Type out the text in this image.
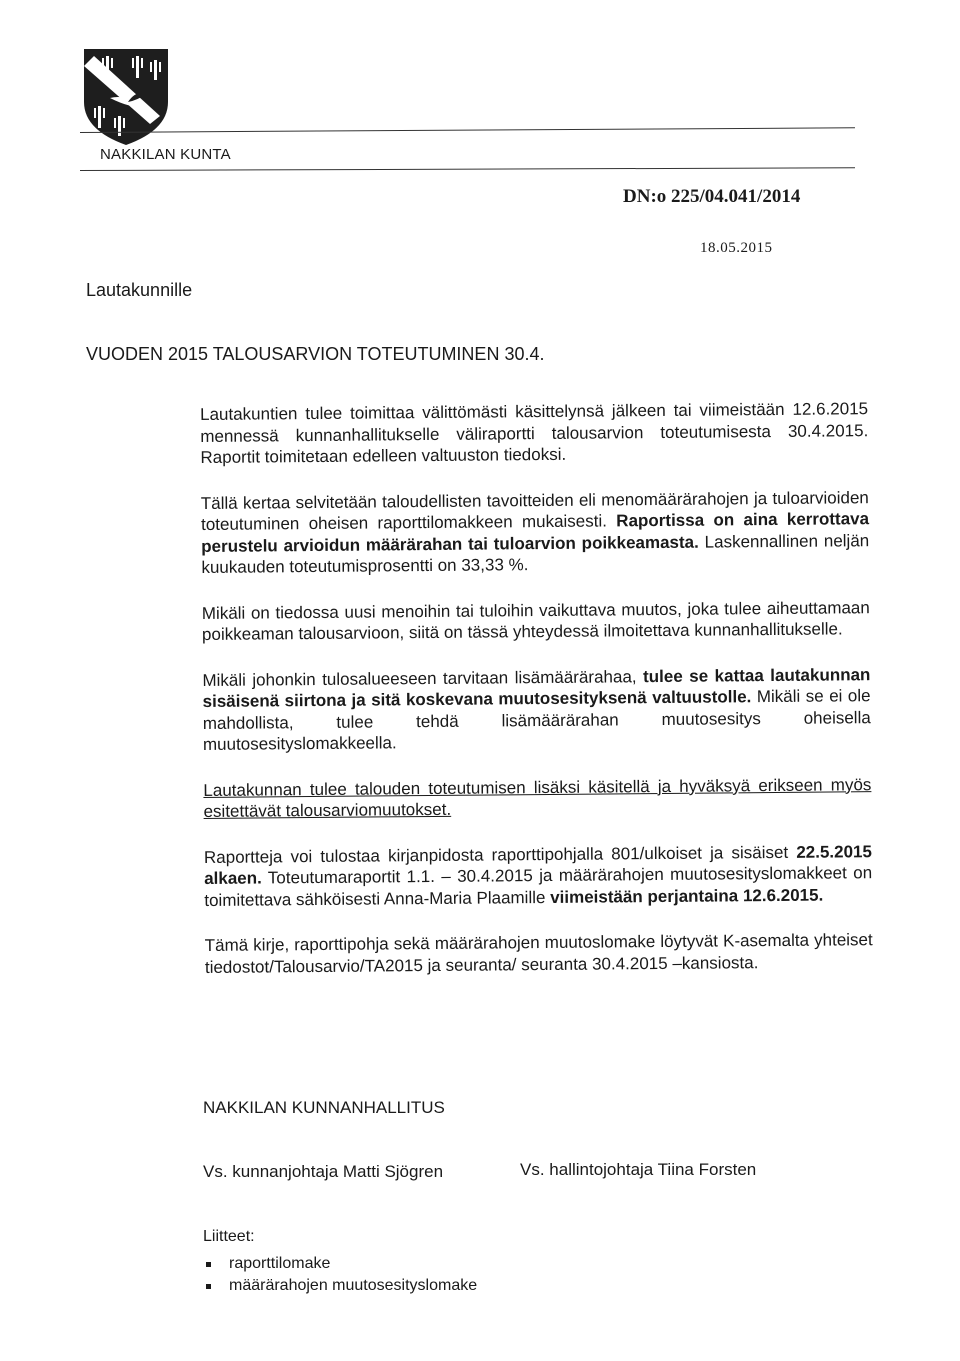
NAKKILAN KUNTA
DN:o 225/04.041/2014
18.05.2015
Lautakunnille
VUODEN 2015 TALOUSARVION TOTEUTUMINEN 30.4.

Lautakuntien tulee toimittaa välittömästi käsittelynsä jälkeen tai viimeistään 12.6.2015 mennessä kunnanhallitukselle väliraportti talousarvion toteutumisesta 30.4.2015. Raportit toimitetaan edelleen valtuuston tiedoksi.

Tällä kertaa selvitetään taloudellisten tavoitteiden eli menomäärärahojen ja tuloarvioiden toteutuminen oheisen raporttilomakkeen mukaisesti. Raportissa on aina kerrottava perustelu arvioidun määrärahan tai tuloarvion poikkeamasta. Laskennallinen neljän kuukauden toteutumisprosentti on 33,33 %.

Mikäli on tiedossa uusi menoihin tai tuloihin vaikuttava muutos, joka tulee aiheuttamaan poikkeaman talousarvioon, siitä on tässä yhteydessä ilmoitettava kunnanhallitukselle.

Mikäli johonkin tulosalueeseen tarvitaan lisämäärärahaa, tulee se kattaa lautakunnan sisäisenä siirtona ja sitä koskevana muutosesityksenä valtuustolle. Mikäli se ei ole mahdollista, tulee tehdä lisämäärärahan muutosesitys oheisella muutosesityslomakkeella.

Lautakunnan tulee talouden toteutumisen lisäksi käsitellä ja hyväksyä erikseen myös esitettävät talousarviomuutokset.

Raportteja voi tulostaa kirjanpidosta raporttipohjalla 801/ulkoiset ja sisäiset 22.5.2015 alkaen. Toteutumaraportit 1.1. – 30.4.2015 ja määrärahojen muutosesityslomakkeet on toimitettava sähköisesti Anna-Maria Plaamille viimeistään perjantaina 12.6.2015.

Tämä kirje, raporttipohja sekä määrärahojen muutoslomake löytyvät K-asemalta yhteiset tiedostot/Talousarvio/TA2015 ja seuranta/ seuranta 30.4.2015 –kansiosta.

NAKKILAN KUNNANHALLITUS
Vs. kunnanjohtaja Matti Sjögren	Vs. hallintojohtaja Tiina Forsten
Liitteet:
raporttilomake
määrärahojen muutosesityslomake
